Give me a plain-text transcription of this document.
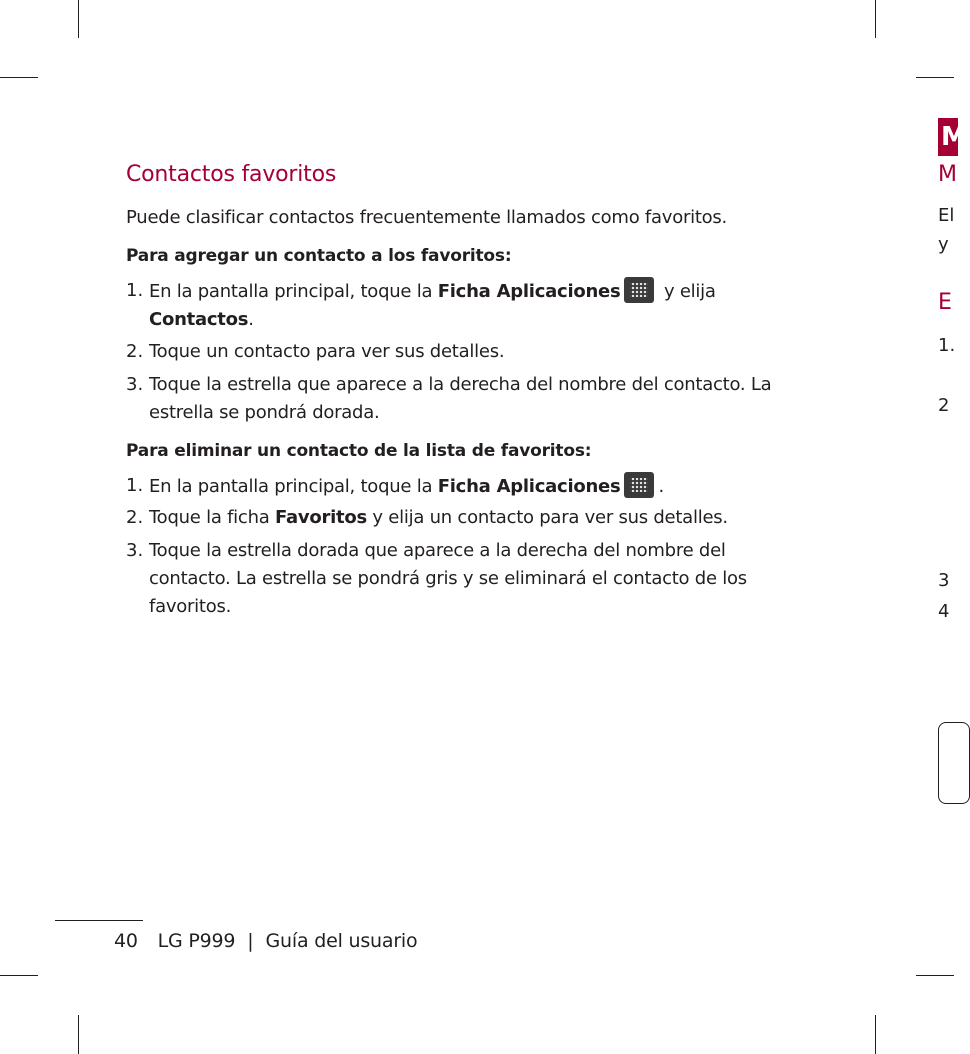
Contactos favoritos
Puede clasificar contactos frecuentemente llamados como favoritos.
Para agregar un contacto a los favoritos:
1. En la pantalla principal, toque la Ficha Aplicaciones y elija
Contactos.
2. Toque un contacto para ver sus detalles.
3. Toque la estrella que aparece a la derecha del nombre del contacto. La
estrella se pondrá dorada.
Para eliminar un contacto de la lista de favoritos:
1. En la pantalla principal, toque la Ficha Aplicaciones .
2. Toque la ficha Favoritos y elija un contacto para ver sus detalles.
3. Toque la estrella dorada que aparece a la derecha del nombre del
contacto. La estrella se pondrá gris y se eliminará el contacto de los
favoritos.
40 LG P999 | Guía del usuario
M
M
El
y
E
1.
2
3
4
